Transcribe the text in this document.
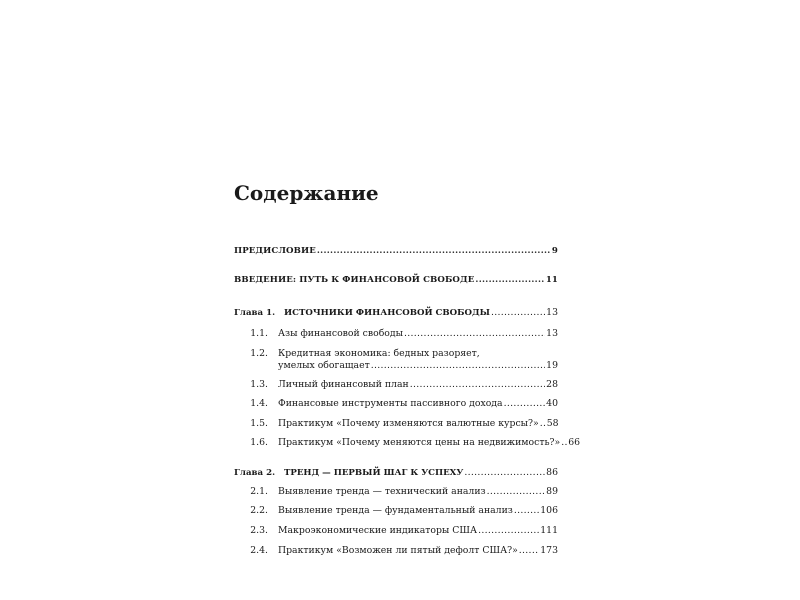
Содержание
ПРЕДИСЛОВИЕ .....	9
ВВЕДЕНИЕ: ПУТЬ К ФИНАНСОВОЙ СВОБОДЕ .....	11
Глава 1.	ИСТОЧНИКИ ФИНАНСОВОЙ СВОБОДЫ .....	13
1.1. Азы финансовой свободы .....	13
1.2. Кредитная экономика: бедных разоряет,
умелых обогащает .....	19
1.3. Личный финансовый план .....	28
1.4. Финансовые инструменты пассивного дохода .....	40
1.5. Практикум «Почему изменяются валютные курсы?» ..... 58
1.6. Практикум «Почему меняются цены на недвижимость?» ..... 66
Глава 2.	ТРЕНД — ПЕРВЫЙ ШАГ К УСПЕХУ .....	86
2.1. Выявление тренда — технический анализ .....	89
2.2. Выявление тренда — фундаментальный анализ .....	106
2.3. Макроэкономические индикаторы США .....	111
2.4. Практикум «Возможен ли пятый дефолт США?» ..... 173
